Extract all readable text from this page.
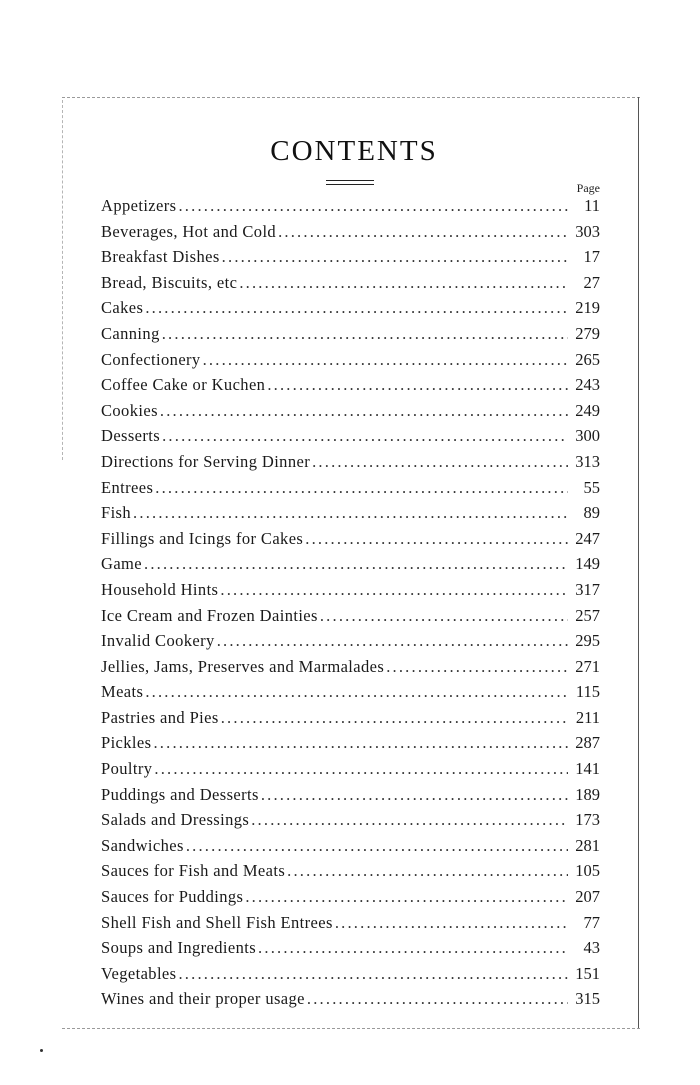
CONTENTS
Page
Appetizers .....	11
Beverages, Hot and Cold .....	303
Breakfast Dishes .....	17
Bread, Biscuits, etc .....	27
Cakes .....	219
Canning .....	279
Confectionery .....	265
Coffee Cake or Kuchen .....	243
Cookies .....	249
Desserts .....	300
Directions for Serving Dinner .....	313
Entrees .....	55
Fish .....	89
Fillings and Icings for Cakes .....	247
Game .....	149
Household Hints .....	317
Ice Cream and Frozen Dainties .....	257
Invalid Cookery .....	295
Jellies, Jams, Preserves and Marmalades .....	271
Meats .....	115
Pastries and Pies .....	211
Pickles .....	287
Poultry .....	141
Puddings and Desserts .....	189
Salads and Dressings .....	173
Sandwiches .....	281
Sauces for Fish and Meats .....	105
Sauces for Puddings .....	207
Shell Fish and Shell Fish Entrees .....	77
Soups and Ingredients .....	43
Vegetables .....	151
Wines and their proper usage .....	315
